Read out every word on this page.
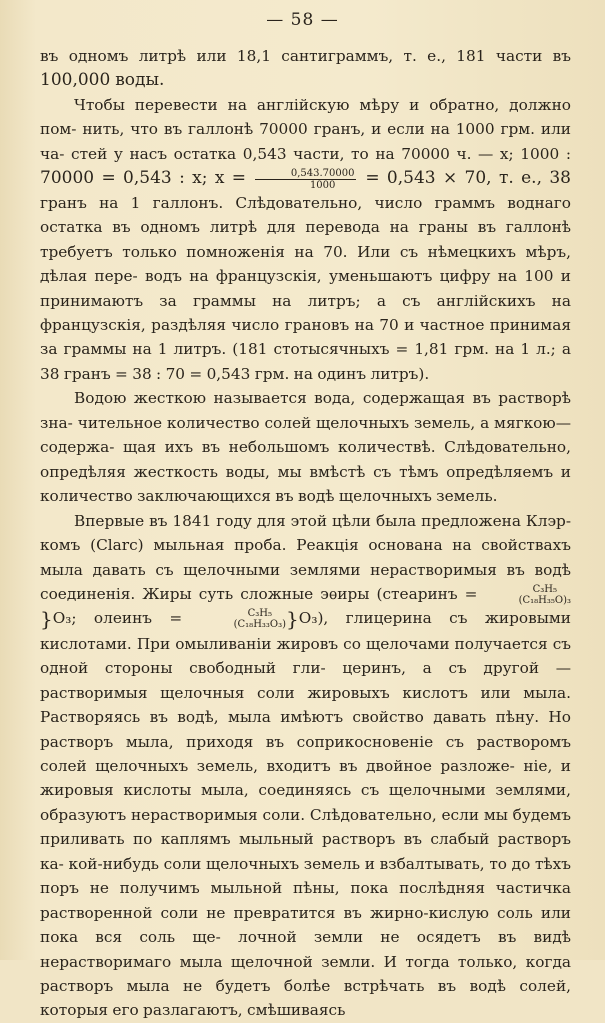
— 58 —

въ одномъ литрѣ или 18,1 сантиграммъ, т. е., 181 части въ 100,000 воды.

Чтобы перевести на англійскую мѣру и обратно, должно пом- нить, что въ галлонѣ 70000 гранъ, и если на 1000 грм. или ча- стей у насъ остатка 0,543 части, то на 70000 ч. — x; 1000 : 70000 = 0,543 : x; $x = \frac{0,543.70000}{1000} = 0,543 \times 70$, т. е., 38 гранъ на 1 галлонъ. Слѣдовательно, число граммъ воднаго остатка въ одномъ литрѣ для перевода на граны въ галлонѣ требуетъ только помноженія на 70. Или съ нѣмецкихъ мѣръ, дѣлая пере- водъ на французскія, уменьшаютъ цифру на 100 и принимаютъ за граммы на литръ; а съ англійскихъ на французскія, раздѣляя число грановъ на 70 и частное принимая за граммы на 1 литръ. (181 стотысячныхъ = 1,81 грм. на 1 л.; а 38 гранъ = 38 : 70 = 0,543 грм. на одинъ литръ).

Водою жесткою называется вода, содержащая въ растворѣ зна- чительное количество солей щелочныхъ земель, а мягкою—содержа- щая ихъ въ небольшомъ количествѣ. Слѣдовательно, опредѣляя жесткость воды, мы вмѣстѣ съ тѣмъ опредѣляемъ и количество заключающихся въ водѣ щелочныхъ земель.

Впервые въ 1841 году для этой цѣли была предложена Клэр- комъ (Clarc) мыльная проба. Реакція основана на свойствахъ мыла давать съ щелочными землями нерастворимыя въ водѣ соединенія. Жиры суть сложные эѳиры (стеаринъ =	C₃H₅
(C₁₈H₃₅O)₃
}O₃; олеинъ =	C₃H₅
(C₁₈H₃₃O₃) }O₃), глицерина съ жировыми кислотами. При омыливаніи жировъ со щелочами получается съ одной стороны свободный гли- церинъ, а съ другой — растворимыя щелочныя соли жировыхъ кислотъ или мыла. Растворяясь въ водѣ, мыла имѣютъ свойство давать пѣну. Но растворъ мыла, приходя въ соприкосновеніе съ растворомъ солей щелочныхъ земель, входитъ въ двойное разложе- ніе, и жировыя кислоты мыла, соединяясь съ щелочными землями, образуютъ нерастворимыя соли. Слѣдовательно, если мы будемъ приливать по каплямъ мыльный растворъ въ слабый растворъ ка- кой-нибудь соли щелочныхъ земель и взбалтывать, то до тѣхъ поръ не получимъ мыльной пѣны, пока послѣдняя частичка растворенной соли не превратится въ жирно-кислую соль или пока вся соль ще- лочной земли не осядетъ въ видѣ нерастворимаго мыла щелочной земли. И тогда только, когда растворъ мыла не будетъ болѣе встрѣчать въ водѣ солей, которыя его разлагаютъ, смѣшиваясь
